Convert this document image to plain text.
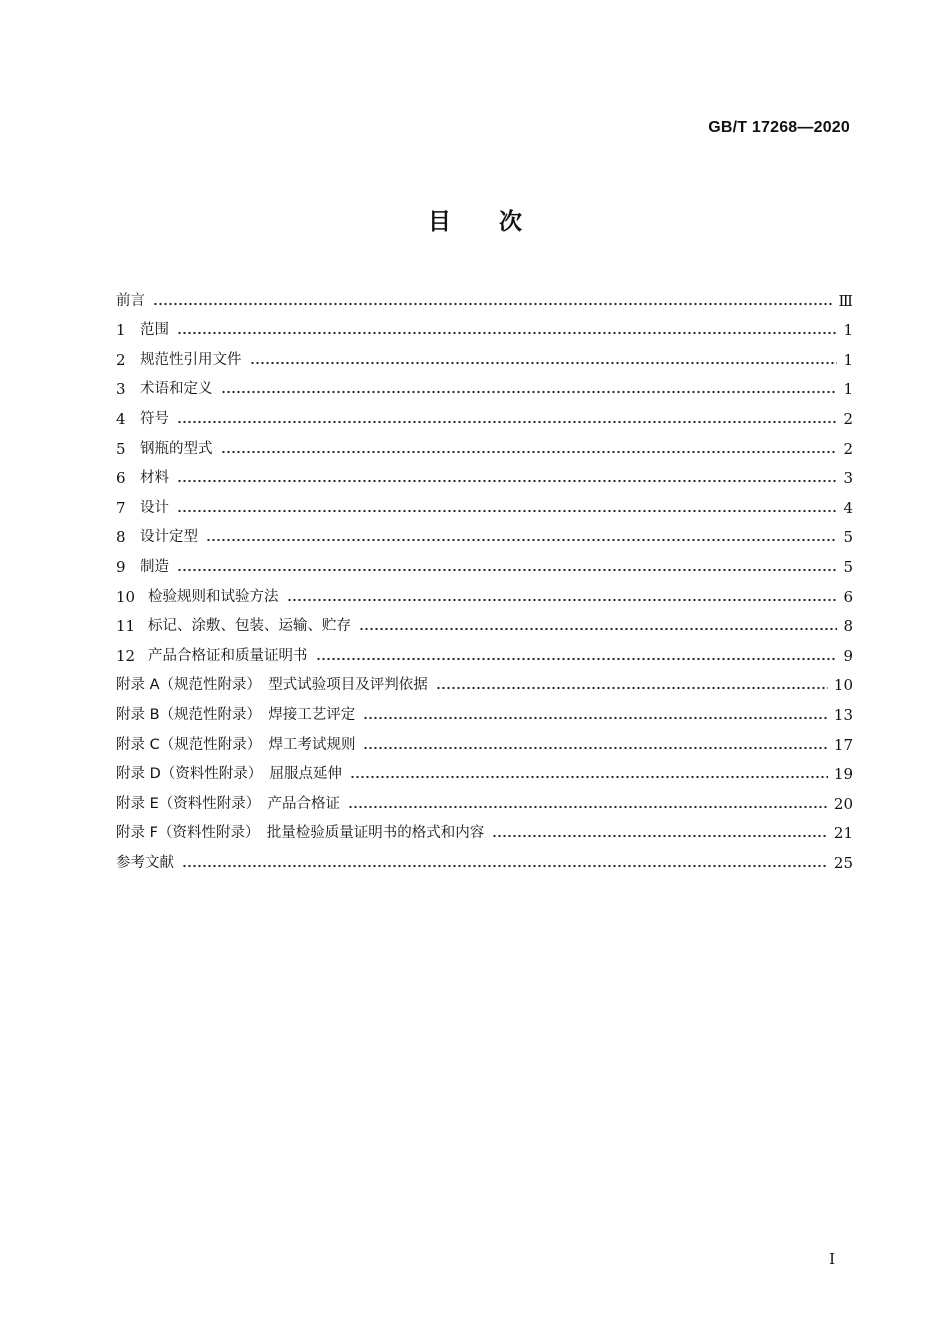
GB/T 17268—2020
目次
前言	Ⅲ
1 范围	1
2 规范性引用文件	1
3 术语和定义	1
4 符号	2
5 钢瓶的型式	2
6 材料	3
7 设计	4
8 设计定型	5
9 制造	5
10 检验规则和试验方法	6
11 标记、涂敷、包装、运输、贮存	8
12 产品合格证和质量证明书	9
附录 A（规范性附录）　型式试验项目及评判依据	10
附录 B（规范性附录）　焊接工艺评定	13
附录 C（规范性附录）　焊工考试规则	17
附录 D（资料性附录）　屈服点延伸	19
附录 E（资料性附录）　产品合格证	20
附录 F（资料性附录）　批量检验质量证明书的格式和内容	21
参考文献	25
I
